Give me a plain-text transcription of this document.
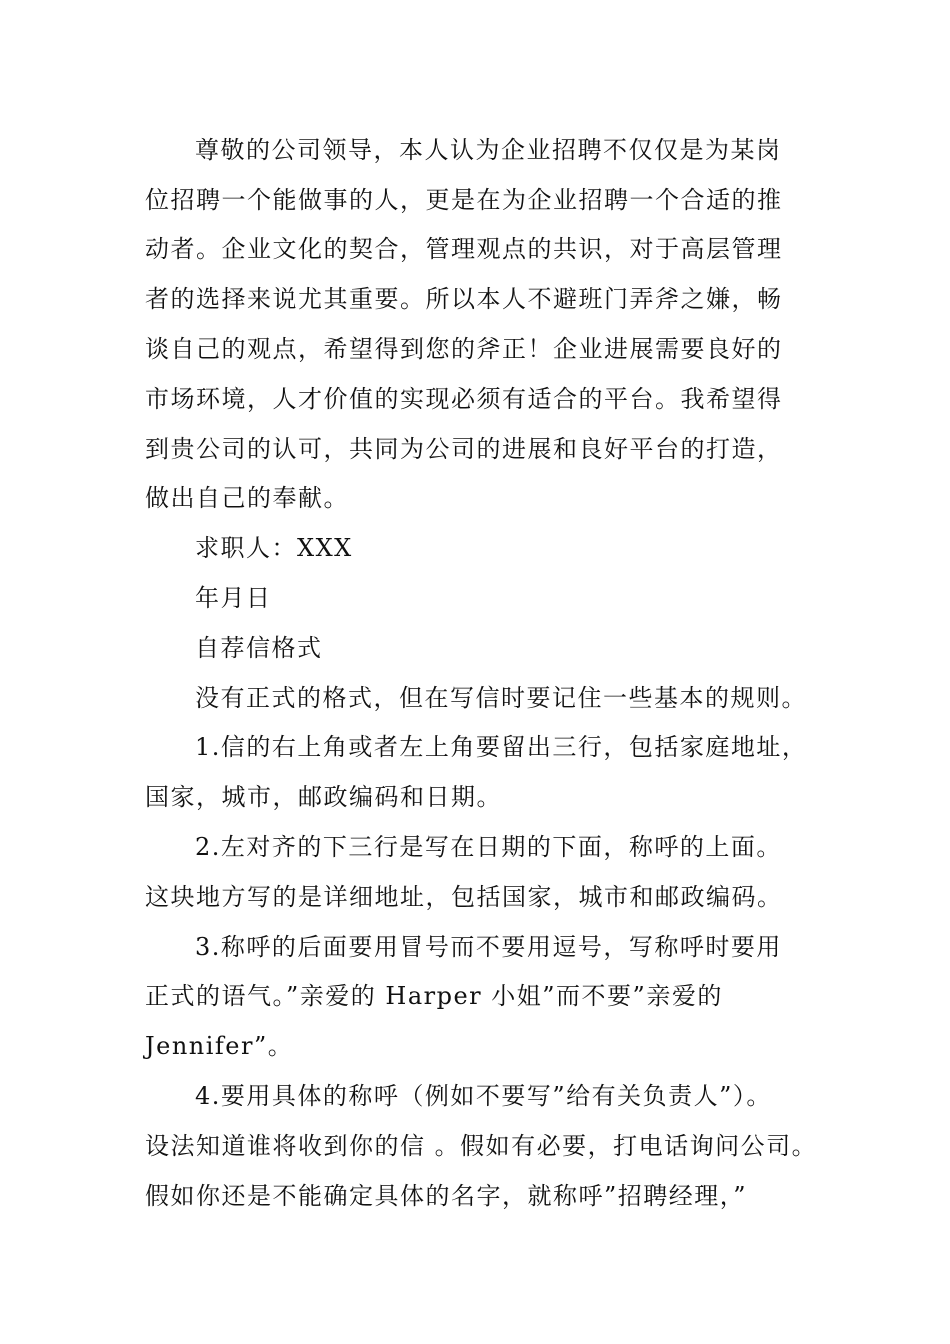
尊敬的公司领导，本人认为企业招聘不仅仅是为某岗
位招聘一个能做事的人，更是在为企业招聘一个合适的推
动者。企业文化的契合，管理观点的共识，对于高层管理
者的选择来说尤其重要。所以本人不避班门弄斧之嫌，畅
谈自己的观点，希望得到您的斧正！企业进展需要良好的
市场环境，人才价值的实现必须有适合的平台。我希望得
到贵公司的认可，共同为公司的进展和良好平台的打造，
做出自己的奉献。
求职人：XXX
年月日
自荐信格式
没有正式的格式，但在写信时要记住一些基本的规则。
1.信的右上角或者左上角要留出三行，包括家庭地址，
国家，城市，邮政编码和日期。
2.左对齐的下三行是写在日期的下面，称呼的上面。
这块地方写的是详细地址，包括国家，城市和邮政编码。
3.称呼的后面要用冒号而不要用逗号，写称呼时要用
正式的语气。”亲爱的 Harper 小姐”而不要”亲爱的
Jennifer”。
4.要用具体的称呼（例如不要写”给有关负责人”）。
设法知道谁将收到你的信 。假如有必要，打电话询问公司。
假如你还是不能确定具体的名字，就称呼”招聘经理，”
